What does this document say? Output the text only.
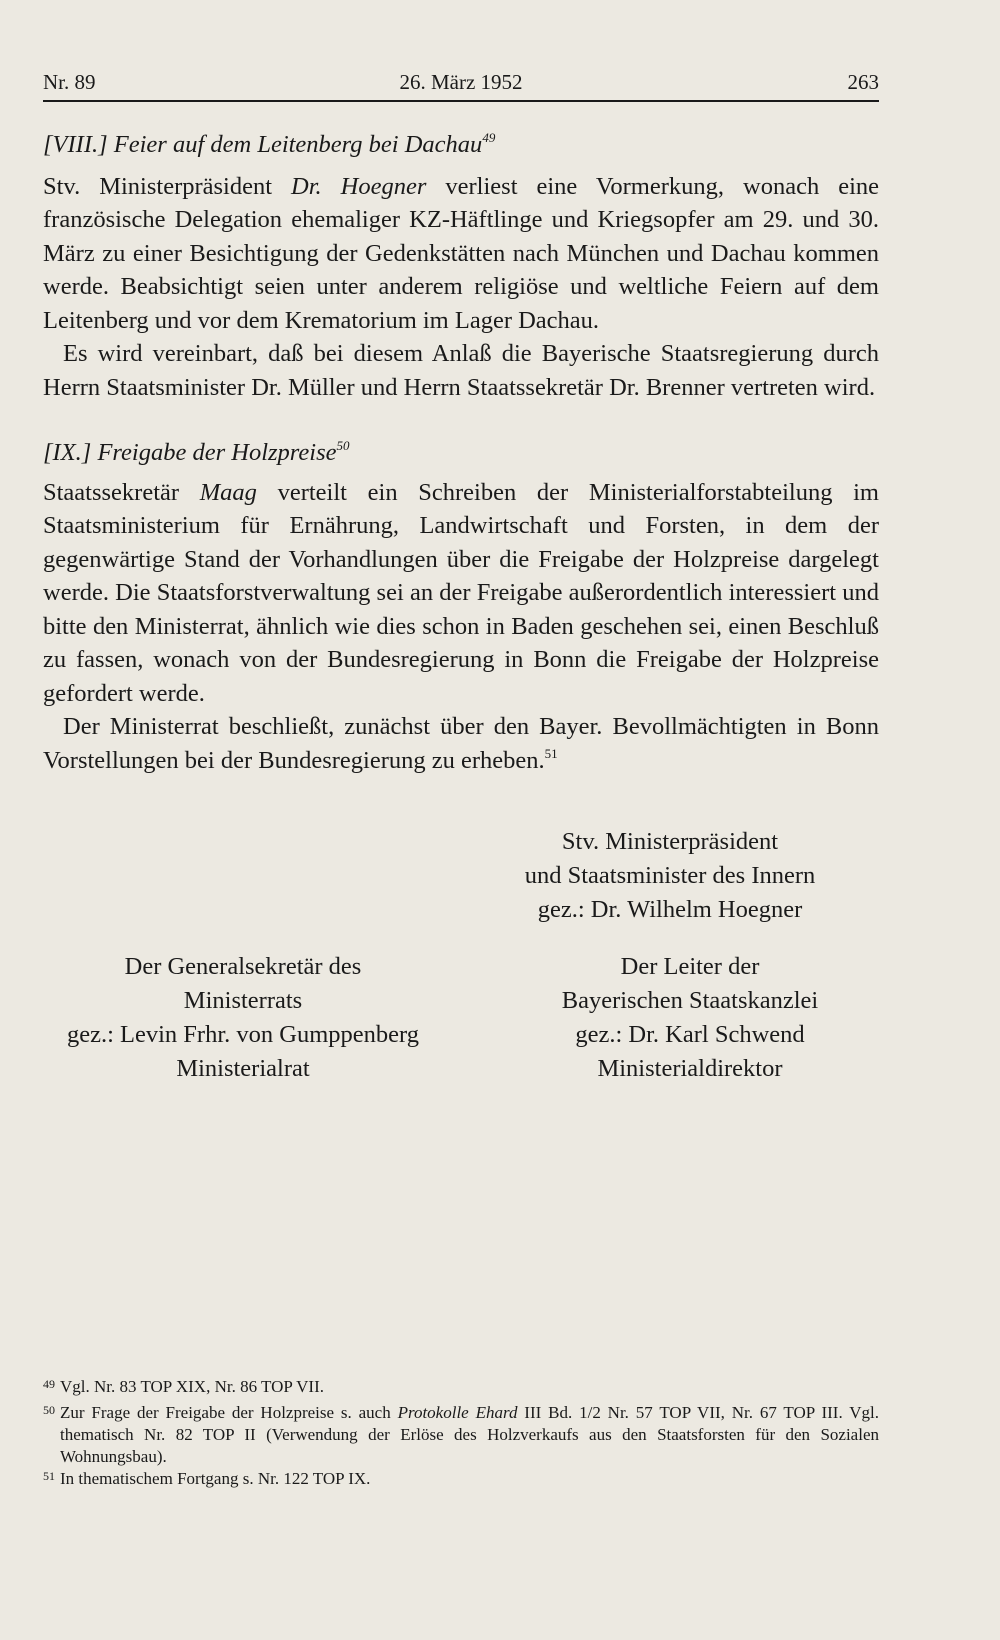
Nr. 89	26. März 1952	263

[VIII.] Feier auf dem Leitenberg bei Dachau$^{49}$

Stv. Ministerpräsident Dr. Hoegner verliest eine Vormerkung, wonach eine französische Delegation ehemaliger KZ-Häftlinge und Kriegsopfer am 29. und 30. März zu einer Besichtigung der Gedenkstätten nach München und Dachau kommen werde. Beabsichtigt seien unter anderem religiöse und weltliche Feiern auf dem Leitenberg und vor dem Krematorium im Lager Dachau.

Es wird vereinbart, daß bei diesem Anlaß die Bayerische Staatsregierung durch Herrn Staatsminister Dr. Müller und Herrn Staatssekretär Dr. Brenner vertreten wird.

[IX.] Freigabe der Holzpreise$^{50}$

Staatssekretär Maag verteilt ein Schreiben der Ministerialforstabteilung im Staatsministerium für Ernährung, Landwirtschaft und Forsten, in dem der gegenwärtige Stand der Vorhandlungen über die Freigabe der Holzpreise dargelegt werde. Die Staatsforstverwaltung sei an der Freigabe außerordentlich interessiert und bitte den Ministerrat, ähnlich wie dies schon in Baden geschehen sei, einen Beschluß zu fassen, wonach von der Bundesregierung in Bonn die Freigabe der Holzpreise gefordert werde.

Der Ministerrat beschließt, zunächst über den Bayer. Bevollmächtigten in Bonn Vorstellungen bei der Bundesregierung zu erheben.$^{51}$

Stv. Ministerpräsident
und Staatsminister des Innern
gez.: Dr. Wilhelm Hoegner
Der Generalsekretär des
Ministerrats
gez.: Levin Frhr. von Gumppenberg
Ministerialrat
Der Leiter der
Bayerischen Staatskanzlei
gez.: Dr. Karl Schwend
Ministerialdirektor

49 Vgl. Nr. 83 TOP XIX, Nr. 86 TOP VII.

50 Zur Frage der Freigabe der Holzpreise s. auch Protokolle Ehard III Bd. 1/2 Nr. 57 TOP VII, Nr. 67 TOP III. Vgl. thematisch Nr. 82 TOP II (Verwendung der Erlöse des Holzverkaufs aus den Staatsforsten für den Sozialen Wohnungsbau).

51 In thematischem Fortgang s. Nr. 122 TOP IX.
